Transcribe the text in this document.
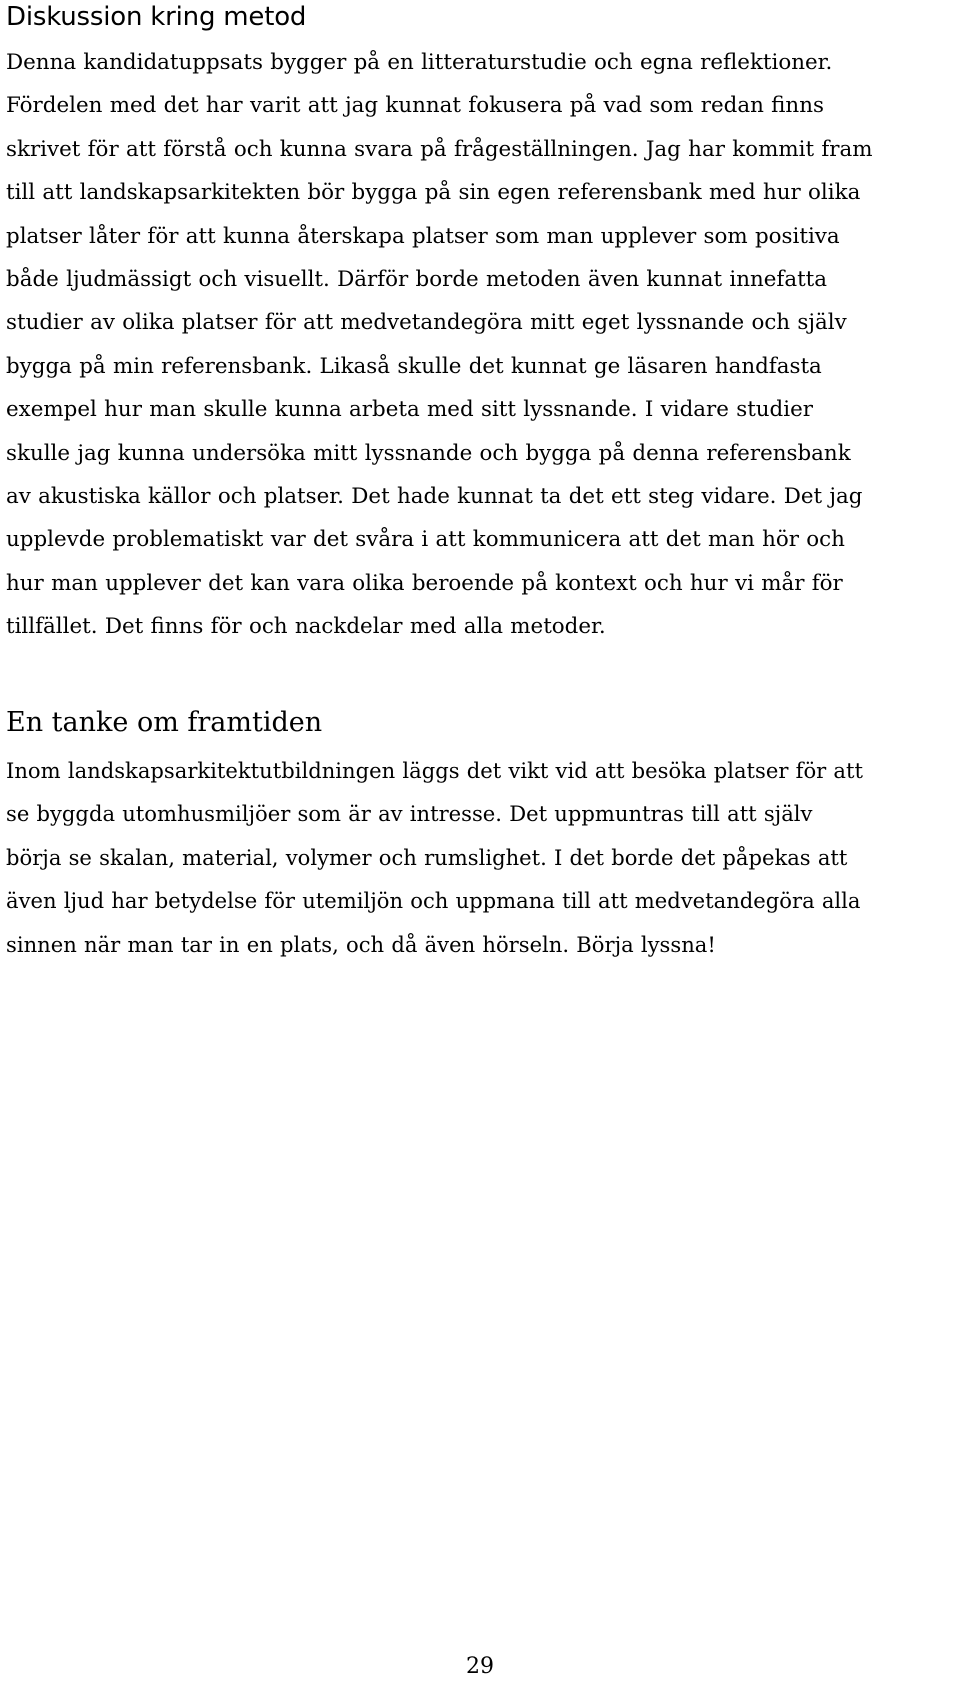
Diskussion kring metod

Denna kandidatuppsats bygger på en litteraturstudie och egna reflektioner.
Fördelen med det har varit att jag kunnat fokusera på vad som redan finns
skrivet för att förstå och kunna svara på frågeställningen. Jag har kommit fram
till att landskapsarkitekten bör bygga på sin egen referensbank med hur olika
platser låter för att kunna återskapa platser som man upplever som positiva
både ljudmässigt och visuellt. Därför borde metoden även kunnat innefatta
studier av olika platser för att medvetandegöra mitt eget lyssnande och själv
bygga på min referensbank. Likaså skulle det kunnat ge läsaren handfasta
exempel hur man skulle kunna arbeta med sitt lyssnande. I vidare studier
skulle jag kunna undersöka mitt lyssnande och bygga på denna referensbank
av akustiska källor och platser. Det hade kunnat ta det ett steg vidare. Det jag
upplevde problematiskt var det svåra i att kommunicera att det man hör och
hur man upplever det kan vara olika beroende på kontext och hur vi mår för
tillfället. Det finns för och nackdelar med alla metoder.

En tanke om framtiden

Inom landskapsarkitektutbildningen läggs det vikt vid att besöka platser för att
se byggda utomhusmiljöer som är av intresse. Det uppmuntras till att själv
börja se skalan, material, volymer och rumslighet. I det borde det påpekas att
även ljud har betydelse för utemiljön och uppmana till att medvetandegöra alla
sinnen när man tar in en plats, och då även hörseln. Börja lyssna!

29
